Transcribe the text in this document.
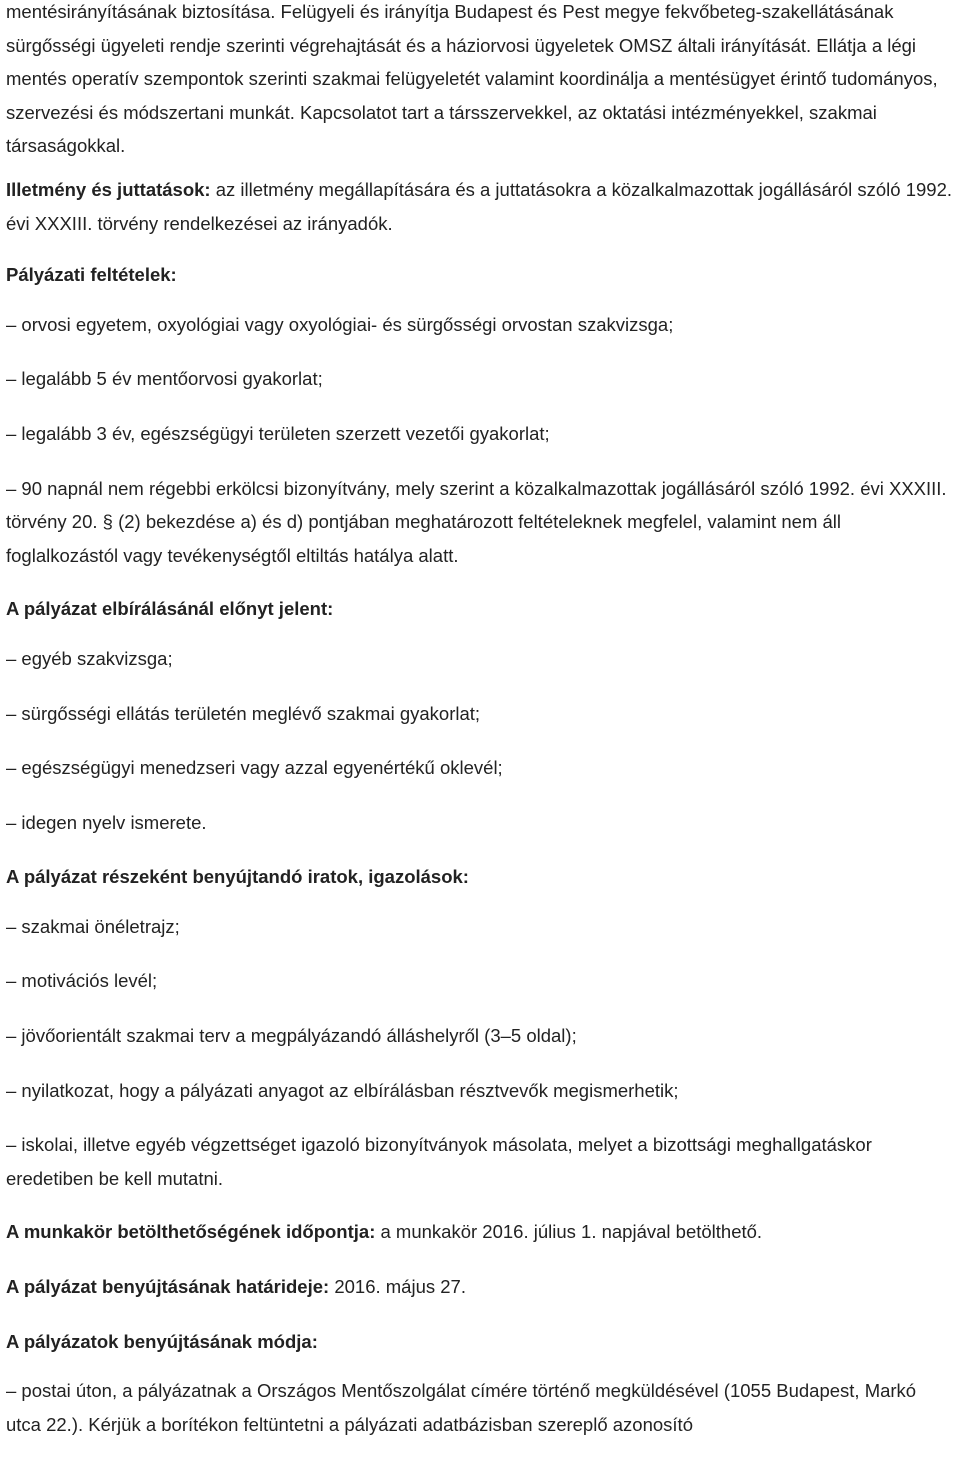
mentésirányításának biztosítása. Felügyeli és irányítja Budapest és Pest megye fekvőbeteg-szakellátásának sürgősségi ügyeleti rendje szerinti végrehajtását és a háziorvosi ügyeletek OMSZ általi irányítását. Ellátja a légi mentés operatív szempontok szerinti szakmai felügyeletét valamint koordinálja a mentésügyet érintő tudományos, szervezési és módszertani munkát. Kapcsolatot tart a társszervekkel, az oktatási intézményekkel, szakmai társaságokkal.

Illetmény és juttatások: az illetmény megállapítására és a juttatásokra a közalkalmazottak jogállásáról szóló 1992. évi XXXIII. törvény rendelkezései az irányadók.

Pályázati feltételek:

– orvosi egyetem, oxyológiai vagy oxyológiai- és sürgősségi orvostan szakvizsga;

– legalább 5 év mentőorvosi gyakorlat;

– legalább 3 év, egészségügyi területen szerzett vezetői gyakorlat;

– 90 napnál nem régebbi erkölcsi bizonyítvány, mely szerint a közalkalmazottak jogállásáról szóló 1992. évi XXXIII. törvény 20. § (2) bekezdése a) és d) pontjában meghatározott feltételeknek megfelel, valamint nem áll foglalkozástól vagy tevékenységtől eltiltás hatálya alatt.

A pályázat elbírálásánál előnyt jelent:

– egyéb szakvizsga;

– sürgősségi ellátás területén meglévő szakmai gyakorlat;

– egészségügyi menedzseri vagy azzal egyenértékű oklevél;

– idegen nyelv ismerete.

A pályázat részeként benyújtandó iratok, igazolások:

– szakmai önéletrajz;

– motivációs levél;

– jövőorientált szakmai terv a megpályázandó álláshelyről (3–5 oldal);

– nyilatkozat, hogy a pályázati anyagot az elbírálásban résztvevők megismerhetik;

– iskolai, illetve egyéb végzettséget igazoló bizonyítványok másolata, melyet a bizottsági meghallgatáskor eredetiben be kell mutatni.

A munkakör betölthetőségének időpontja: a munkakör 2016. július 1. napjával betölthető.

A pályázat benyújtásának határideje: 2016. május 27.

A pályázatok benyújtásának módja:

– postai úton, a pályázatnak a Országos Mentőszolgálat címére történő megküldésével (1055 Budapest, Markó utca 22.). Kérjük a borítékon feltüntetni a pályázati adatbázisban szereplő azonosító
